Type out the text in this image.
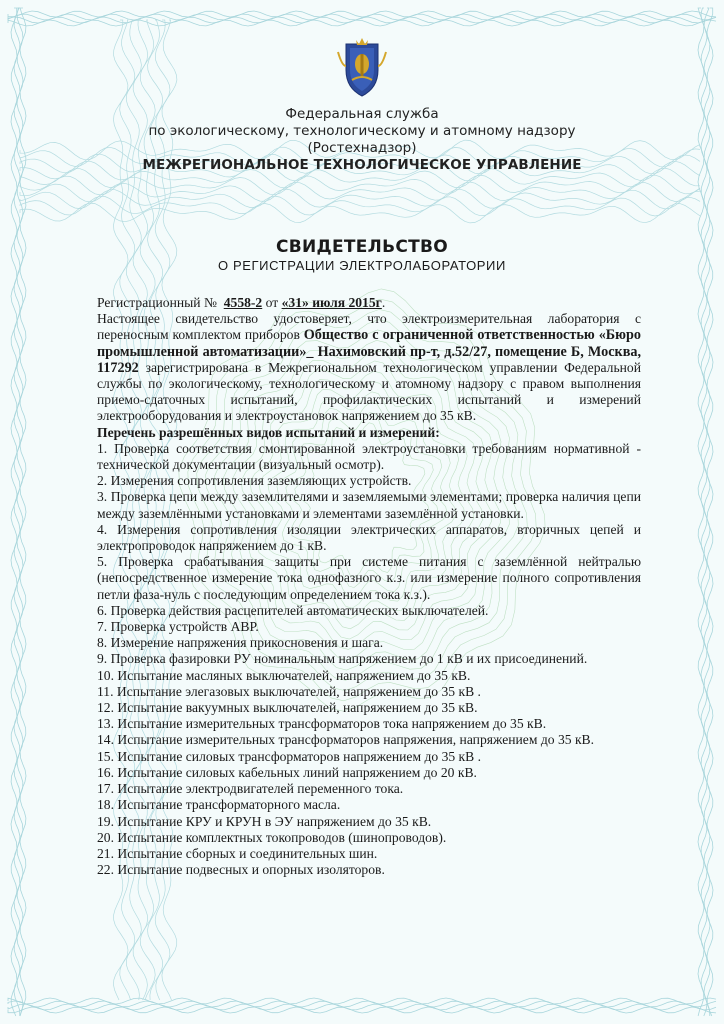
Федеральная служба
по экологическому, технологическому и атомному надзору
(Ростехнадзор)
МЕЖРЕГИОНАЛЬНОЕ ТЕХНОЛОГИЧЕСКОЕ УПРАВЛЕНИЕ
СВИДЕТЕЛЬСТВО
О РЕГИСТРАЦИИ ЭЛЕКТРОЛАБОРАТОРИИ

Регистрационный № 4558-2 от «31» июля 2015г.

Настоящее свидетельство удостоверяет, что электроизмерительная лаборатория с переносным комплектом приборов Общество с ограниченной ответственностью «Бюро промышленной автоматизации»_ Нахимовский пр-т, д.52/27, помещение Б, Москва, 117292 зарегистрирована в Межрегиональном технологическом управлении Федеральной службы по экологическому, технологическому и атомному надзору с правом выполнения приемо-сдаточных испытаний, профилактических испытаний и измерений электрооборудования и электроустановок напряжением до 35 кВ.

Перечень разрешённых видов испытаний и измерений:

1. Проверка соответствия смонтированной электроустановки требованиям нормативной - технической документации (визуальный осмотр).
2. Измерения сопротивления заземляющих устройств.
3. Проверка цепи между заземлителями и заземляемыми элементами; проверка наличия цепи между заземлёнными установками и элементами заземлённой установки.
4. Измерения сопротивления изоляции электрических аппаратов, вторичных цепей и электропроводок напряжением до 1 кВ.
5. Проверка срабатывания защиты при системе питания с заземлённой нейтралью (непосредственное измерение тока однофазного к.з. или измерение полного сопротивления петли фаза-нуль с последующим определением тока к.з.).
6. Проверка действия расцепителей автоматических выключателей.
7. Проверка устройств АВР.
8. Измерение напряжения прикосновения и шага.
9. Проверка фазировки РУ номинальным напряжением до 1 кВ и их присоединений.
10. Испытание масляных выключателей, напряжением до 35 кВ.
11. Испытание элегазовых выключателей, напряжением до 35 кВ .
12. Испытание вакуумных выключателей, напряжением до 35 кВ.
13. Испытание измерительных трансформаторов тока напряжением до 35 кВ.
14. Испытание измерительных трансформаторов напряжения, напряжением до 35 кВ.
15. Испытание силовых трансформаторов напряжением до 35 кВ .
16. Испытание силовых кабельных линий напряжением до 20 кВ.
17. Испытание электродвигателей переменного тока.
18. Испытание трансформаторного масла.
19. Испытание КРУ и КРУН в ЭУ напряжением до 35 кВ.
20. Испытание комплектных токопроводов (шинопроводов).
21. Испытание сборных и соединительных шин.
22. Испытание подвесных и опорных изоляторов.
